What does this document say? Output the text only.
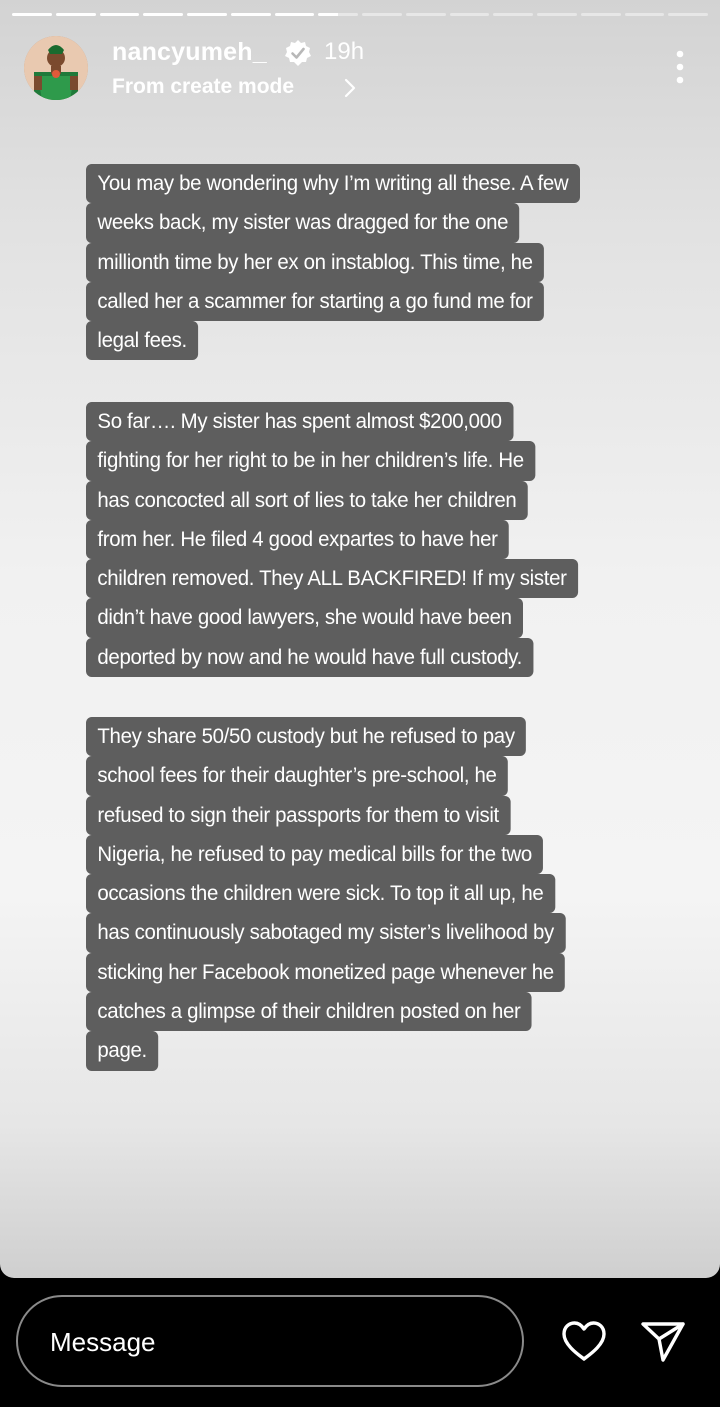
nancyumeh_ 19h
From create mode
You may be wondering why I’m writing all these. A few
weeks back, my sister was dragged for the one
millionth time by her ex on instablog. This time, he
called her a scammer for starting a go fund me for
legal fees.
So far…. My sister has spent almost $200,000
fighting for her right to be in her children’s life. He
has concocted all sort of lies to take her children
from her. He filed 4 good expartes to have her
children removed. They ALL BACKFIRED! If my sister
didn’t have good lawyers, she would have been
deported by now and he would have full custody.
They share 50/50 custody but he refused to pay
school fees for their daughter’s pre-school, he
refused to sign their passports for them to visit
Nigeria, he refused to pay medical bills for the two
occasions the children were sick. To top it all up, he
has continuously sabotaged my sister’s livelihood by
sticking her Facebook monetized page whenever he
catches a glimpse of their children posted on her
page.
Message
